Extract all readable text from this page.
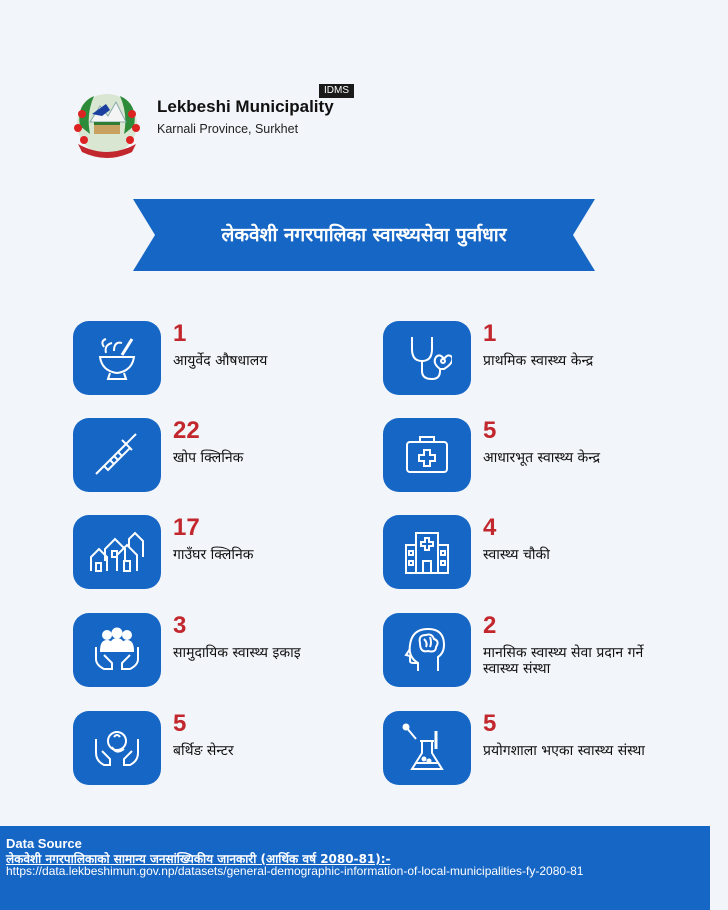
IDMS
Lekbeshi Municipality
Karnali Province, Surkhet
लेकवेशी नगरपालिका स्वास्थ्यसेवा पुर्वाधार
1
आयुर्वेद औषधालय
1
प्राथमिक स्वास्थ्य केन्द्र
22
खोप क्लिनिक
5
आधारभूत स्वास्थ्य केन्द्र
17
गाउँघर क्लिनिक
4
स्वास्थ्य चौकी
3
सामुदायिक स्वास्थ्य इकाइ
2
मानसिक स्वास्थ्य सेवा प्रदान गर्ने स्वास्थ्य संस्था
5
बर्थिङ सेन्टर
5
प्रयोगशाला भएका स्वास्थ्य संस्था
Data Source
लेकवेशी नगरपालिकाको सामान्य जनसांख्यिकीय जानकारी (आर्थिक वर्ष 2080-81):-
https://data.lekbeshimun.gov.np/datasets/general-demographic-information-of-local-municipalities-fy-2080-81
